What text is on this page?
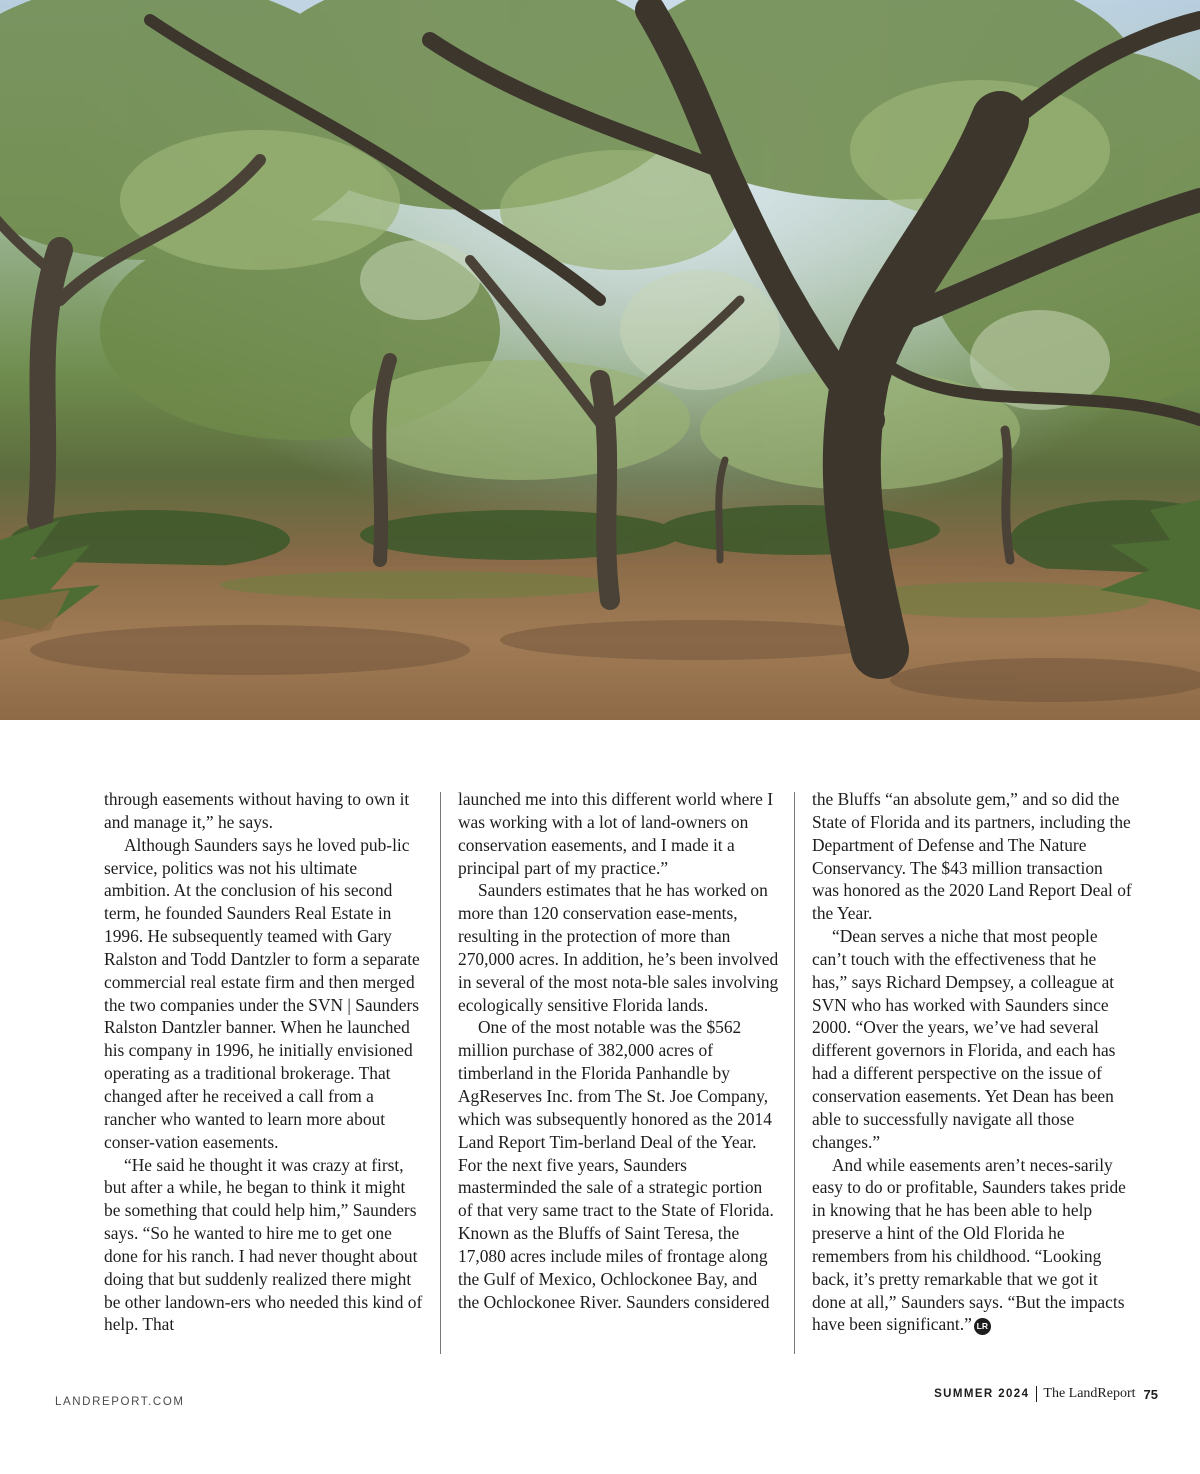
through easements without having to own it and manage it,” he says.

Although Saunders says he loved pub-lic service, politics was not his ultimate ambition. At the conclusion of his second term, he founded Saunders Real Estate in 1996. He subsequently teamed with Gary Ralston and Todd Dantzler to form a separate commercial real estate firm and then merged the two companies under the SVN | Saunders Ralston Dantzler banner. When he launched his company in 1996, he initially envisioned operating as a traditional brokerage. That changed after he received a call from a rancher who wanted to learn more about conser-vation easements.

“He said he thought it was crazy at first, but after a while, he began to think it might be something that could help him,” Saunders says. “So he wanted to hire me to get one done for his ranch. I had never thought about doing that but suddenly realized there might be other landown-ers who needed this kind of help. That

launched me into this different world where I was working with a lot of land-owners on conservation easements, and I made it a principal part of my practice.”

Saunders estimates that he has worked on more than 120 conservation ease-ments, resulting in the protection of more than 270,000 acres. In addition, he’s been involved in several of the most nota-ble sales involving ecologically sensitive Florida lands.

One of the most notable was the $562 million purchase of 382,000 acres of timberland in the Florida Panhandle by AgReserves Inc. from The St. Joe Company, which was subsequently honored as the 2014 Land Report Tim-berland Deal of the Year. For the next five years, Saunders masterminded the sale of a strategic portion of that very same tract to the State of Florida. Known as the Bluffs of Saint Teresa, the 17,080 acres include miles of frontage along the Gulf of Mexico, Ochlockonee Bay, and the Ochlockonee River. Saunders considered

the Bluffs “an absolute gem,” and so did the State of Florida and its partners, including the Department of Defense and The Nature Conservancy. The $43 million transaction was honored as the 2020 Land Report Deal of the Year.

“Dean serves a niche that most people can’t touch with the effectiveness that he has,” says Richard Dempsey, a colleague at SVN who has worked with Saunders since 2000. “Over the years, we’ve had several different governors in Florida, and each has had a different perspective on the issue of conservation easements. Yet Dean has been able to successfully navigate all those changes.”

And while easements aren’t neces-sarily easy to do or profitable, Saunders takes pride in knowing that he has been able to help preserve a hint of the Old Florida he remembers from his childhood. “Looking back, it’s pretty remarkable that we got it done at all,” Saunders says. “But the impacts have been significant.” LR

LANDREPORT.COM
SUMMER 2024 The LandReport 75
